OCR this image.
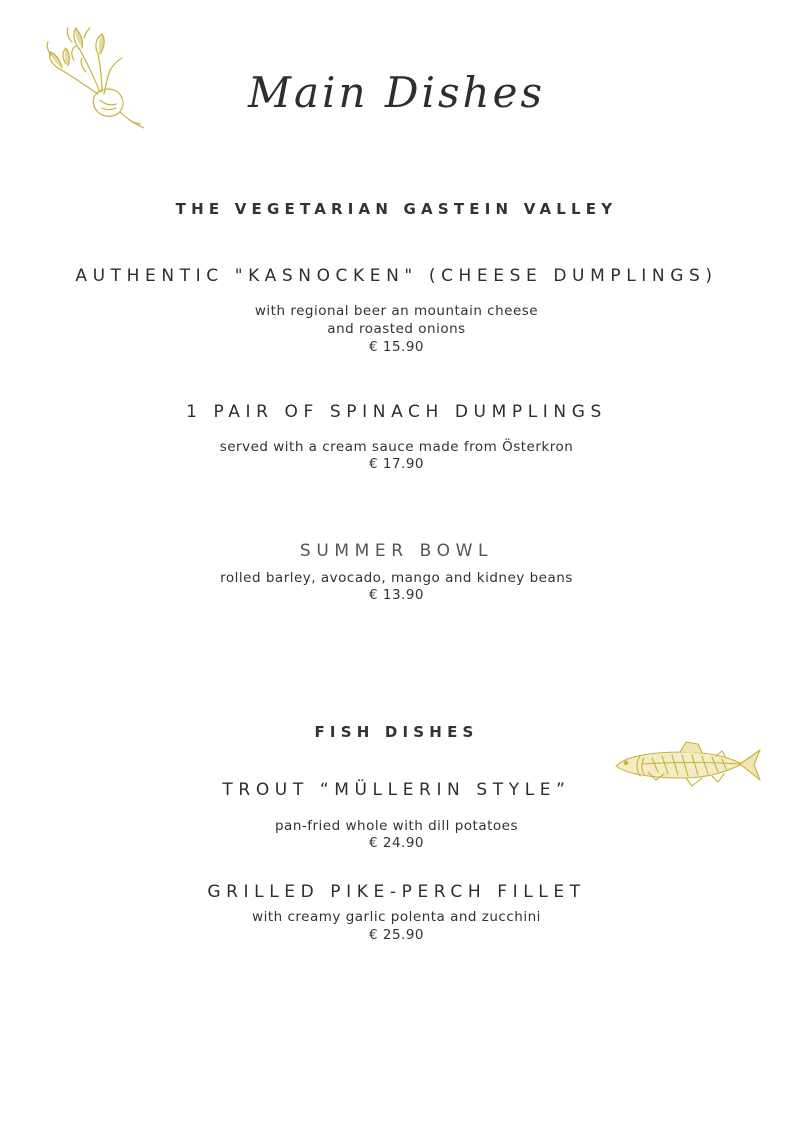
Main Dishes
THE VEGETARIAN GASTEIN VALLEY
AUTHENTIC "KASNOCKEN" (CHEESE DUMPLINGS)
with regional beer an mountain cheese
and roasted onions
€ 15.90
1 PAIR OF SPINACH DUMPLINGS
served with a cream sauce made from Österkron
€ 17.90
SUMMER BOWL
rolled barley, avocado, mango and kidney beans
€ 13.90
FISH DISHES
TROUT “MÜLLERIN STYLE”
pan-fried whole with dill potatoes
€ 24.90
GRILLED PIKE-PERCH FILLET
with creamy garlic polenta and zucchini
€ 25.90
